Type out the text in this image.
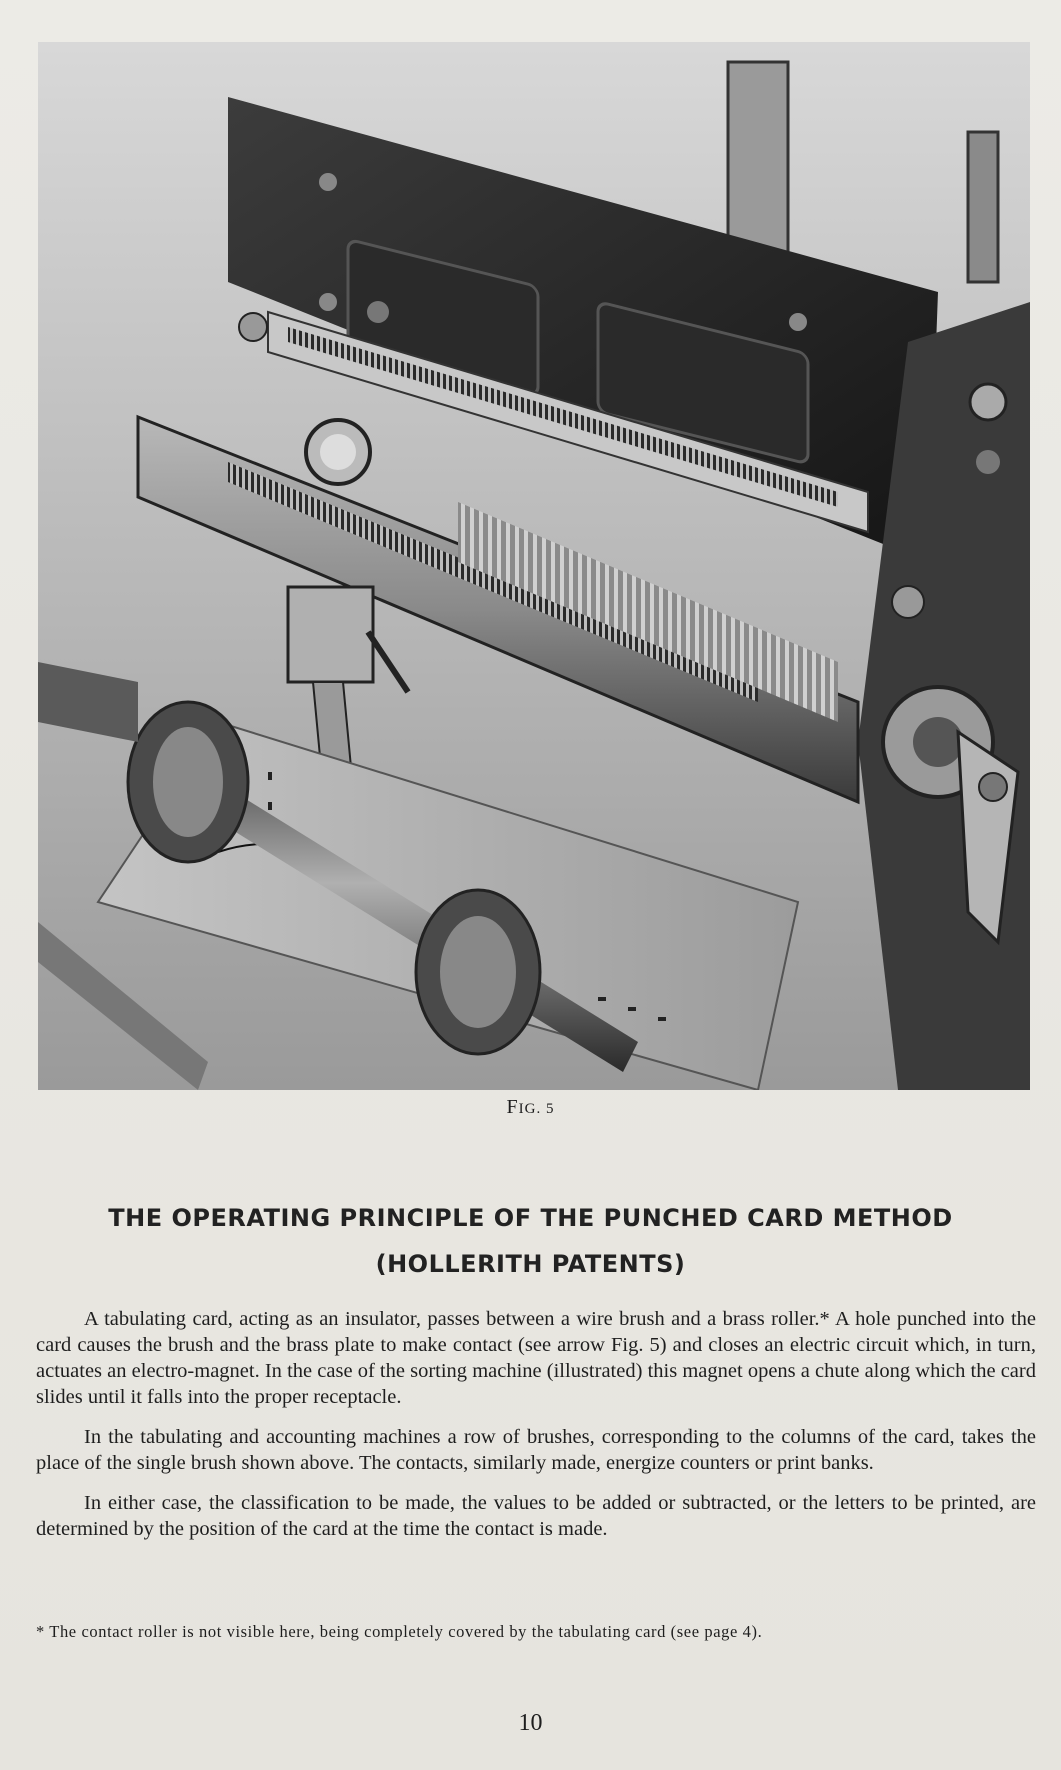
FIG. 5
THE OPERATING PRINCIPLE OF THE PUNCHED CARD METHOD
(HOLLERITH PATENTS)

A tabulating card, acting as an insulator, passes between a wire brush and a brass roller.* A hole punched into the card causes the brush and the brass plate to make contact (see arrow Fig. 5) and closes an electric circuit which, in turn, actuates an electro-magnet. In the case of the sorting machine (illustrated) this magnet opens a chute along which the card slides until it falls into the proper receptacle.

In the tabulating and accounting machines a row of brushes, corresponding to the columns of the card, takes the place of the single brush shown above. The contacts, similarly made, energize counters or print banks.

In either case, the classification to be made, the values to be added or subtracted, or the letters to be printed, are determined by the position of the card at the time the contact is made.

* The contact roller is not visible here, being completely covered by the tabulating card (see page 4).
10
